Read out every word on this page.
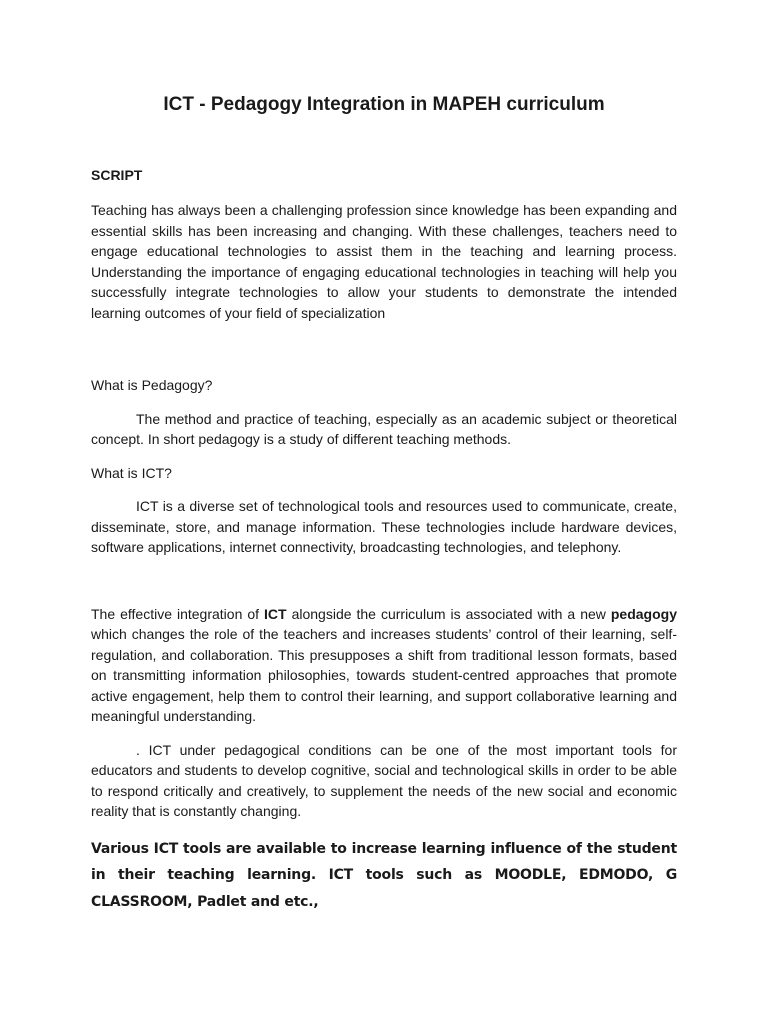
ICT - Pedagogy Integration in MAPEH curriculum
SCRIPT

Teaching has always been a challenging profession since knowledge has been expanding and essential skills has been increasing and changing. With these challenges, teachers need to engage educational technologies to assist them in the teaching and learning process. Understanding the importance of engaging educational technologies in teaching will help you successfully integrate technologies to allow your students to demonstrate the intended learning outcomes of your field of specialization

What is Pedagogy?

The method and practice of teaching, especially as an academic subject or theoretical concept. In short pedagogy is a study of different teaching methods.

What is ICT?

ICT is a diverse set of technological tools and resources used to communicate, create, disseminate, store, and manage information. These technologies include hardware devices, software applications, internet connectivity, broadcasting technologies, and telephony.

The effective integration of ICT alongside the curriculum is associated with a new pedagogy which changes the role of the teachers and increases students’ control of their learning, self-regulation, and collaboration. This presupposes a shift from traditional lesson formats, based on transmitting information philosophies, towards student-centred approaches that promote active engagement, help them to control their learning, and support collaborative learning and meaningful understanding.

. ICT under pedagogical conditions can be one of the most important tools for educators and students to develop cognitive, social and technological skills in order to be able to respond critically and creatively, to supplement the needs of the new social and economic reality that is constantly changing.

Various ICT tools are available to increase learning influence of the student in their teaching learning. ICT tools such as MOODLE, EDMODO, G CLASSROOM, Padlet and etc.,
